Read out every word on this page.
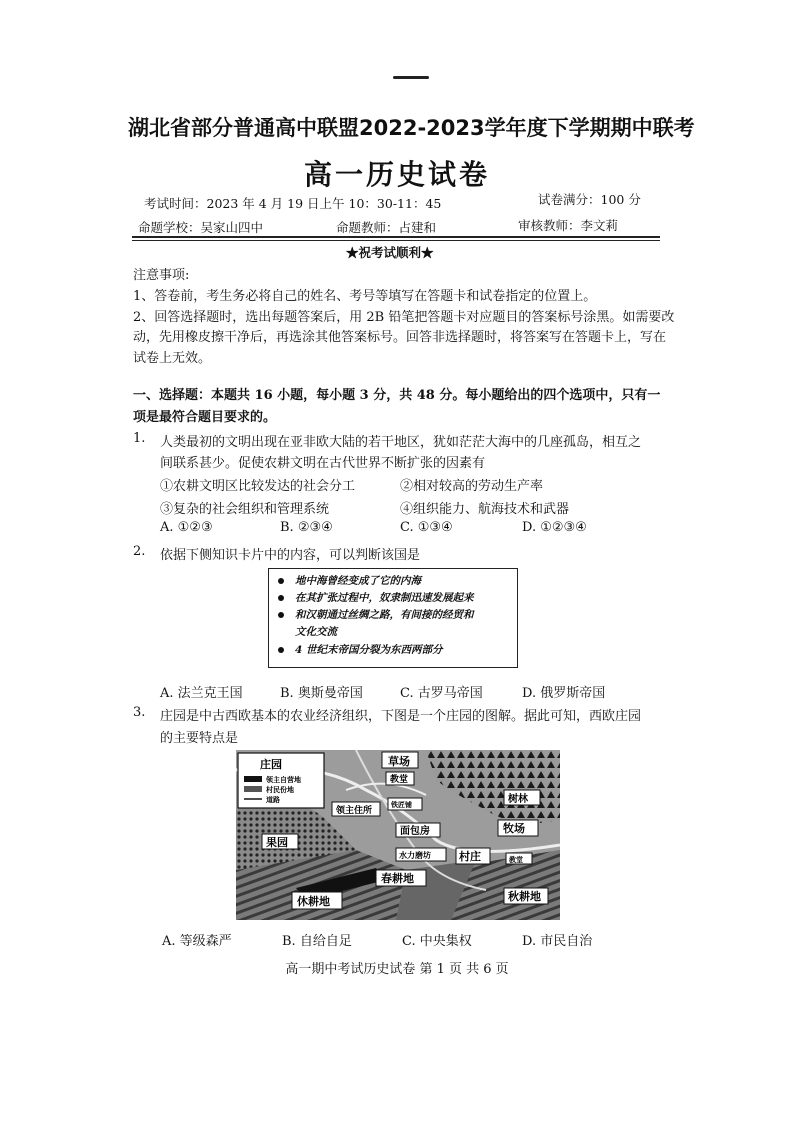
湖北省部分普通高中联盟2022-2023学年度下学期期中联考
高一历史试卷
考试时间：2023 年 4 月 19 日上午 10：30-11：45	试卷满分：100 分
命题学校：吴家山四中	命题教师：占建和	审核教师：李文莉
★祝考试顺利★
注意事项:
1、答卷前，考生务必将自己的姓名、考号等填写在答题卡和试卷指定的位置上。
2、回答选择题时，选出每题答案后，用 2B 铅笔把答题卡对应题目的答案标号涂黑。如需要改
动，先用橡皮擦干净后，再选涂其他答案标号。回答非选择题时，将答案写在答题卡上，写在
试卷上无效。
一、选择题：本题共 16 小题，每小题 3 分，共 48 分。每小题给出的四个选项中，只有一
项是最符合题目要求的。
1. 人类最初的文明出现在亚非欧大陆的若干地区，犹如茫茫大海中的几座孤岛，相互之
间联系甚少。促使农耕文明在古代世界不断扩张的因素有
①农耕文明区比较发达的社会分工	②相对较高的劳动生产率
③复杂的社会组织和管理系统	④组织能力、航海技术和武器
A. ①②③	B. ②③④	C. ①③④	D. ①②③④
2. 依据下侧知识卡片中的内容，可以判断该国是
地中海曾经变成了它的内海
在其扩张过程中，奴隶制迅速发展起来
和汉朝通过丝绸之路，有间接的经贸和
文化交流
4 世纪末帝国分裂为东西两部分
A. 法兰克王国	B. 奥斯曼帝国	C. 古罗马帝国	D. 俄罗斯帝国
3. 庄园是中古西欧基本的农业经济组织，下图是一个庄园的图解。据此可知，西欧庄园
的主要特点是
庄园
领主自营地
村民份地
道路
草场
教堂
领主住所
铁匠铺
面包房
树林
果园
牧场
水力磨坊	村庄	教堂
春耕地
休耕地	秋耕地
A. 等级森严	B. 自给自足	C. 中央集权	D. 市民自治
高一期中考试历史试卷 第 1 页 共 6 页
